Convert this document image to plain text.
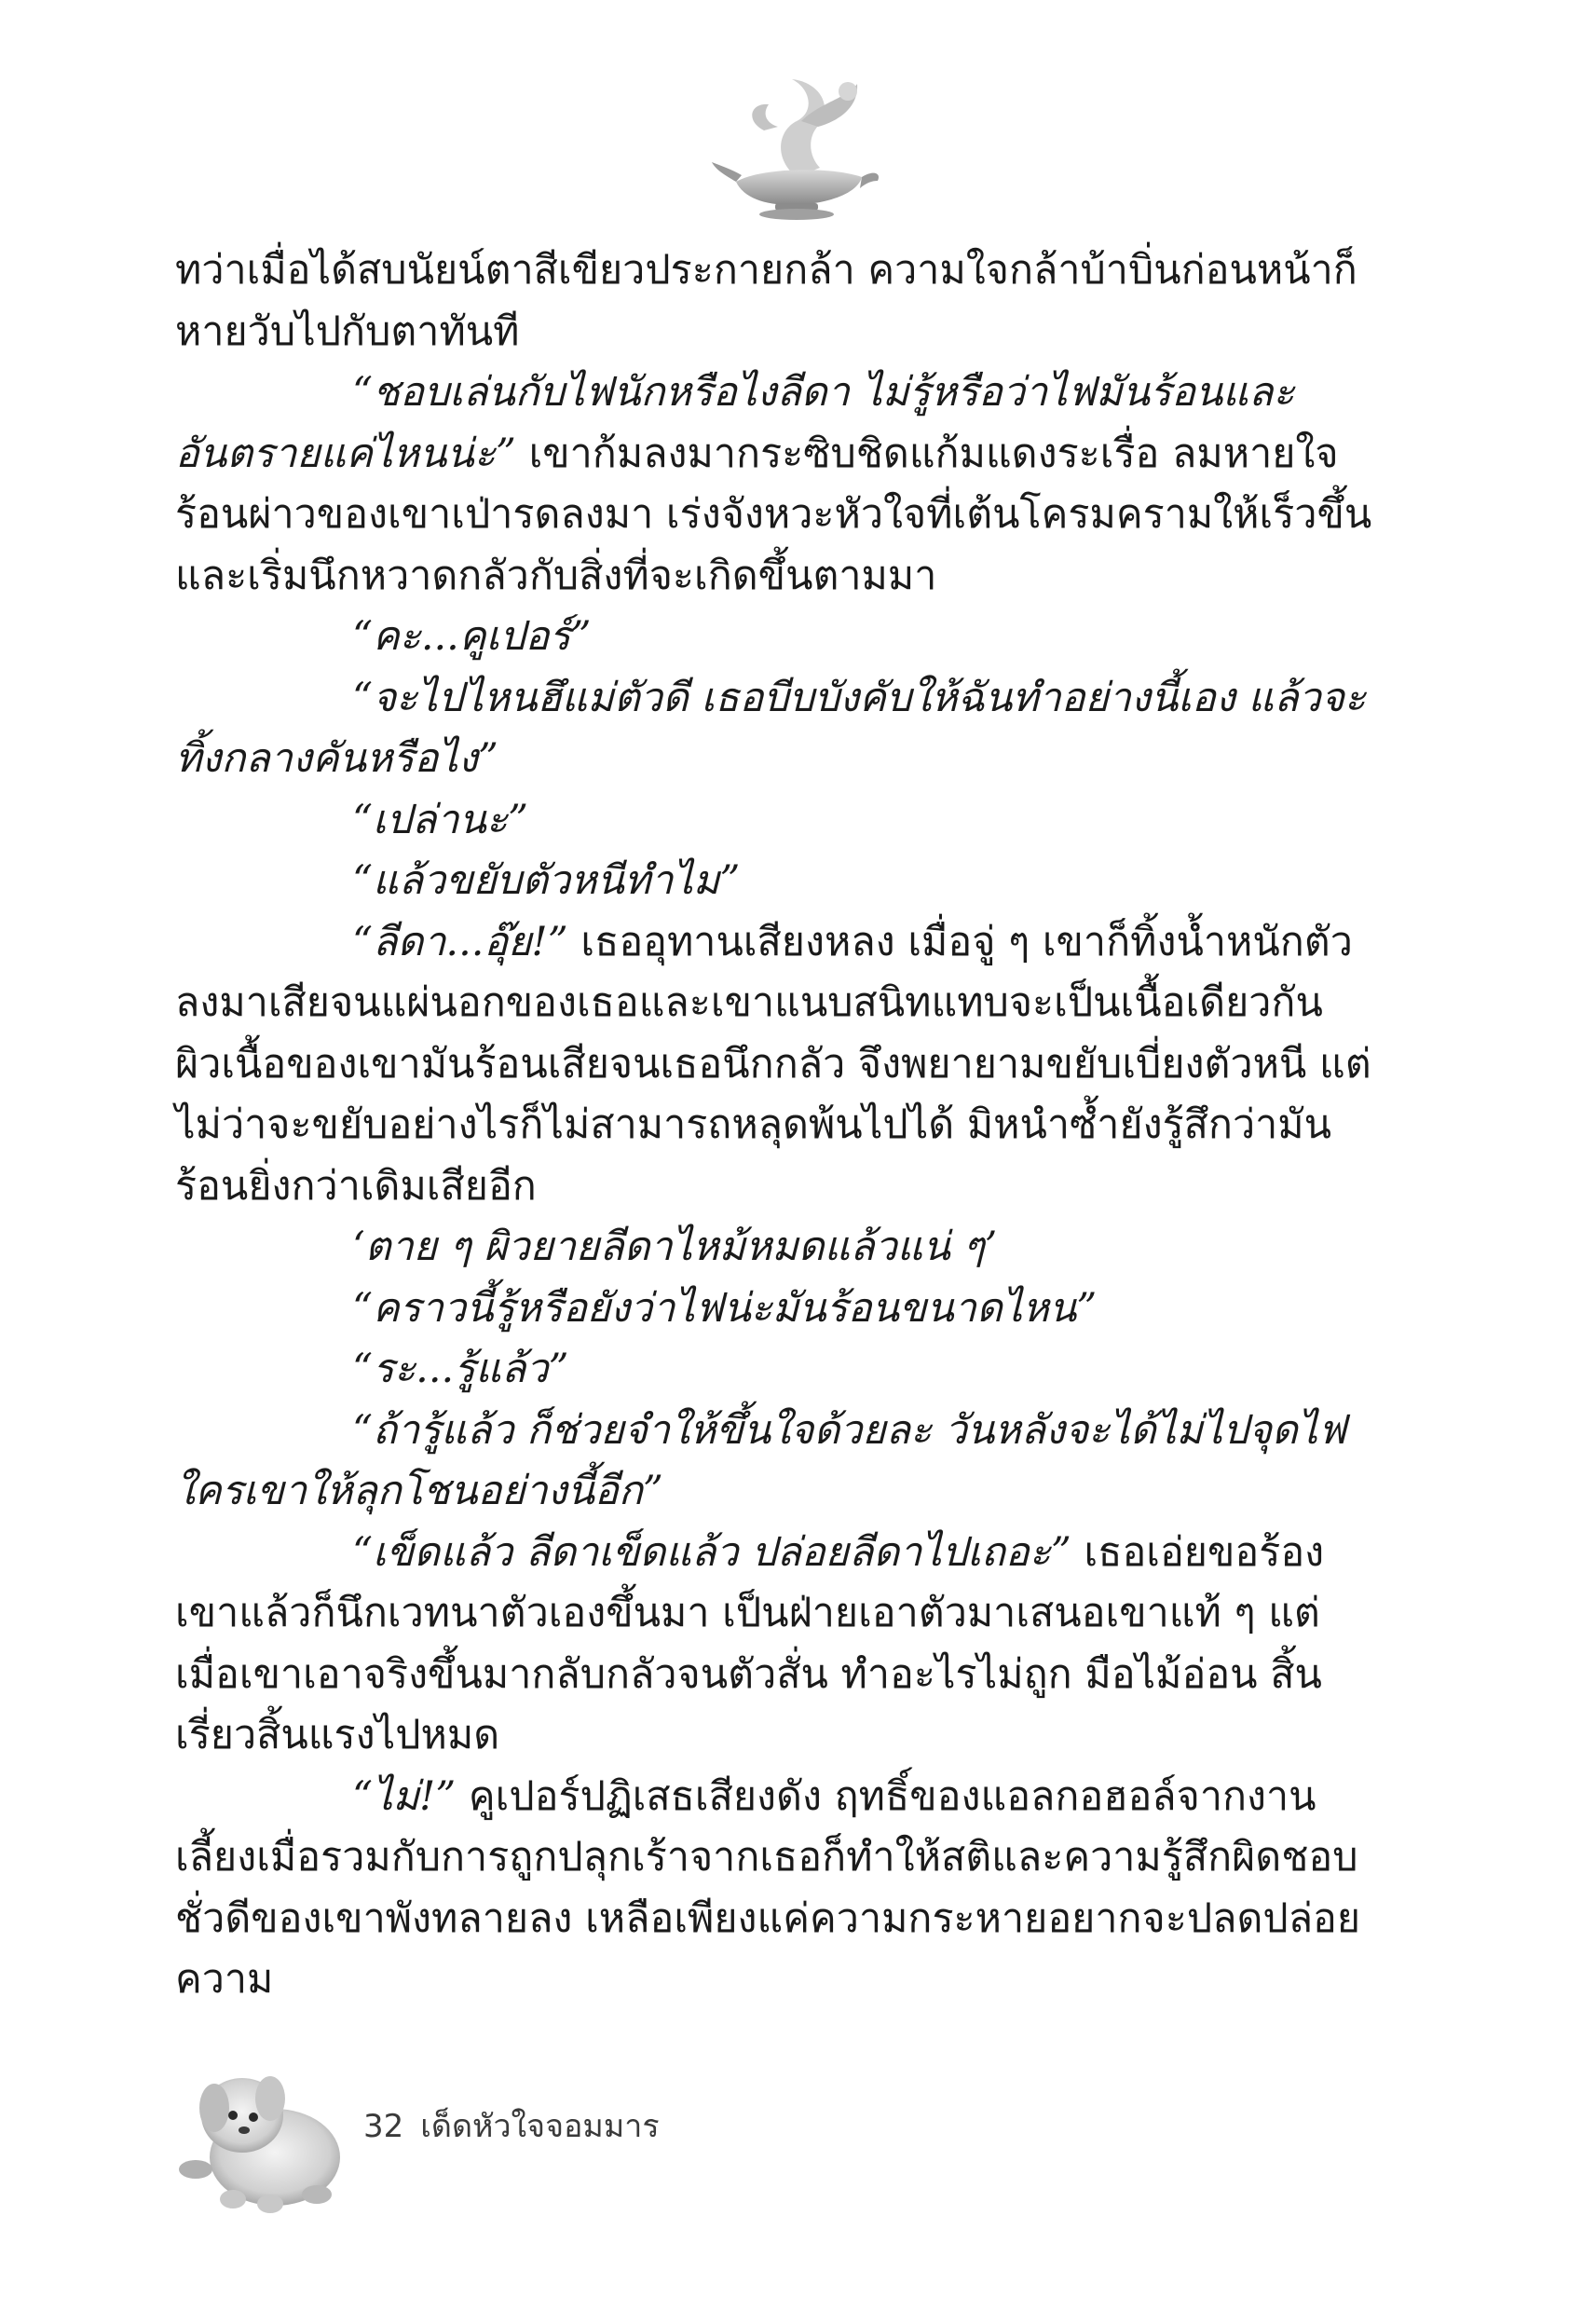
ทว่าเมื่อได้สบนัยน์ตาสีเขียวประกายกล้า ความใจกล้าบ้าบิ่นก่อนหน้าก็หายวับไปกับตาทันที

“ชอบเล่นกับไฟนักหรือไงลีดา ไม่รู้หรือว่าไฟมันร้อนและอันตรายแค่ไหนน่ะ” เขาก้มลงมากระซิบชิดแก้มแดงระเรื่อ ลมหายใจร้อนผ่าวของเขาเป่ารดลงมา เร่งจังหวะหัวใจที่เต้นโครมครามให้เร็วขึ้นและเริ่มนึกหวาดกลัวกับสิ่งที่จะเกิดขึ้นตามมา

“คะ...คูเปอร์”

“จะไปไหนฮึแม่ตัวดี เธอบีบบังคับให้ฉันทำอย่างนี้เอง แล้วจะทิ้งกลางคันหรือไง”

“เปล่านะ”

“แล้วขยับตัวหนีทำไม”

“ลีดา...อุ๊ย!” เธออุทานเสียงหลง เมื่อจู่ ๆ เขาก็ทิ้งน้ำหนักตัวลงมาเสียจนแผ่นอกของเธอและเขาแนบสนิทแทบจะเป็นเนื้อเดียวกัน ผิวเนื้อของเขามันร้อนเสียจนเธอนึกกลัว จึงพยายามขยับเบี่ยงตัวหนี แต่ไม่ว่าจะขยับอย่างไรก็ไม่สามารถหลุดพ้นไปได้ มิหนำซ้ำยังรู้สึกว่ามันร้อนยิ่งกว่าเดิมเสียอีก

‘ตาย ๆ ผิวยายลีดาไหม้หมดแล้วแน่ ๆ’

“คราวนี้รู้หรือยังว่าไฟน่ะมันร้อนขนาดไหน”

“ระ...รู้แล้ว”

“ถ้ารู้แล้ว ก็ช่วยจำให้ขึ้นใจด้วยละ วันหลังจะได้ไม่ไปจุดไฟใครเขาให้ลุกโชนอย่างนี้อีก”

“เข็ดแล้ว ลีดาเข็ดแล้ว ปล่อยลีดาไปเถอะ” เธอเอ่ยขอร้องเขาแล้วก็นึกเวทนาตัวเองขึ้นมา เป็นฝ่ายเอาตัวมาเสนอเขาแท้ ๆ แต่เมื่อเขาเอาจริงขึ้นมากลับกลัวจนตัวสั่น ทำอะไรไม่ถูก มือไม้อ่อน สิ้นเรี่ยวสิ้นแรงไปหมด

“ไม่!” คูเปอร์ปฏิเสธเสียงดัง ฤทธิ์ของแอลกอฮอล์จากงานเลี้ยงเมื่อรวมกับการถูกปลุกเร้าจากเธอก็ทำให้สติและความรู้สึกผิดชอบชั่วดีของเขาพังทลายลง เหลือเพียงแค่ความกระหายอยากจะปลดปล่อยความ

32 เด็ดหัวใจจอมมาร
